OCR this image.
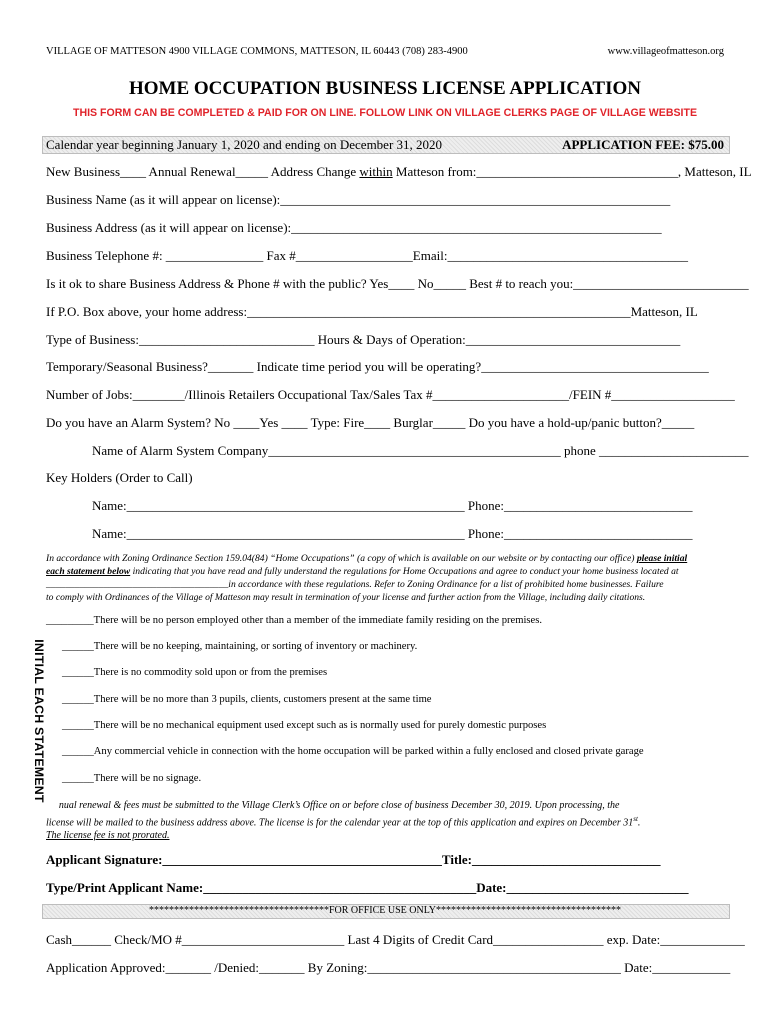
VILLAGE OF MATTESON 4900 VILLAGE COMMONS, MATTESON, IL 60443 (708) 283-4900	www.villageofmatteson.org
HOME OCCUPATION BUSINESS LICENSE APPLICATION
THIS FORM CAN BE COMPLETED & PAID FOR ON LINE. FOLLOW LINK ON VILLAGE CLERKS PAGE OF VILLAGE WEBSITE
Calendar year beginning January 1, 2020 and ending on December 31, 2020	APPLICATION FEE: $75.00
New Business____ Annual Renewal_____ Address Change within Matteson from:_______________________________, Matteson, IL
Business Name (as it will appear on license):____________________________________________________________
Business Address (as it will appear on license):_________________________________________________________
Business Telephone #: _______________ Fax #__________________Email:_____________________________________
Is it ok to share Business Address & Phone # with the public? Yes____ No_____ Best # to reach you:___________________________
If P.O. Box above, your home address:___________________________________________________________Matteson, IL
Type of Business:___________________________ Hours & Days of Operation:_________________________________
Temporary/Seasonal Business?_______ Indicate time period you will be operating?___________________________________
Number of Jobs:________/Illinois Retailers Occupational Tax/Sales Tax #_____________________/FEIN #___________________
Do you have an Alarm System? No ____Yes ____ Type: Fire____ Burglar_____ Do you have a hold-up/panic button?_____
Name of Alarm System Company_____________________________________________ phone _______________________
Key Holders (Order to Call)
Name:____________________________________________________ Phone:_____________________________
Name:____________________________________________________ Phone:_____________________________
In accordance with Zoning Ordinance Section 159.04(84) “Home Occupations” (a copy of which is available on our website or by contacting our office) please initial
each statement below indicating that you have read and fully understand the regulations for Home Occupations and agree to conduct your home business located at
______________________________________in accordance with these regulations. Refer to Zoning Ordinance for a list of prohibited home businesses. Failure
to comply with Ordinances of the Village of Matteson may result in termination of your license and further action from the Village, including daily citations.
INITIAL EACH STATEMENT
_________There will be no person employed other than a member of the immediate family residing on the premises.
______There will be no keeping, maintaining, or sorting of inventory or machinery.
______There is no commodity sold upon or from the premises
______There will be no more than 3 pupils, clients, customers present at the same time
______There will be no mechanical equipment used except such as is normally used for purely domestic purposes
______Any commercial vehicle in connection with the home occupation will be parked within a fully enclosed and closed private garage
______There will be no signage.
 nual renewal & fees must be submitted to the Village Clerk’s Office on or before close of business December 30, 2019. Upon processing, the
license will be mailed to the business address above. The license is for the calendar year at the top of this application and expires on December 31st.
The license fee is not prorated.
Applicant Signature:___________________________________________Title:_____________________________
Type/Print Applicant Name:__________________________________________Date:____________________________
************************************FOR OFFICE USE ONLY*************************************
Cash______ Check/MO #_________________________ Last 4 Digits of Credit Card_________________ exp. Date:_____________
Application Approved:_______ /Denied:_______ By Zoning:_______________________________________ Date:____________
